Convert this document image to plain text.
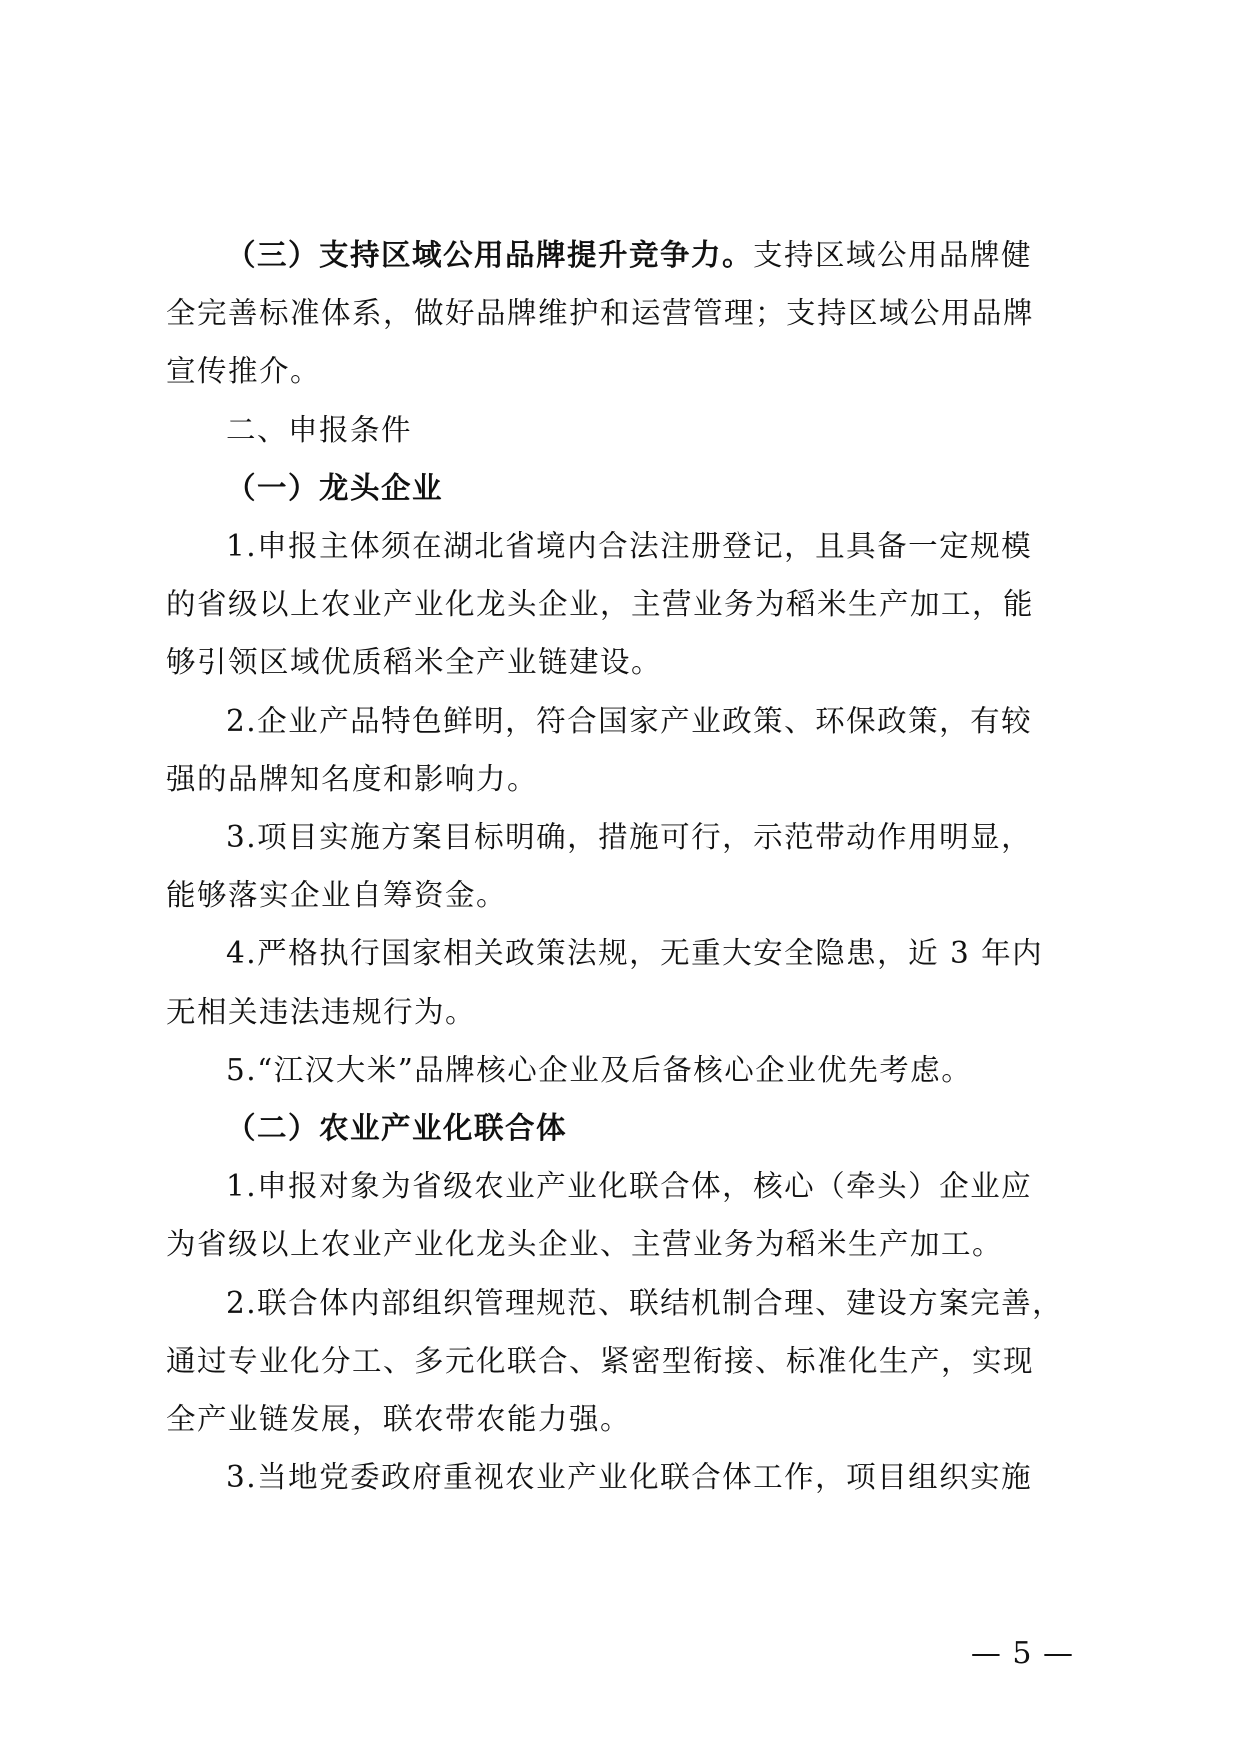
（三）支持区域公用品牌提升竞争力。支持区域公用品牌健
全完善标准体系，做好品牌维护和运营管理；支持区域公用品牌
宣传推介。

二、申报条件

（一）龙头企业

1.申报主体须在湖北省境内合法注册登记，且具备一定规模
的省级以上农业产业化龙头企业，主营业务为稻米生产加工，能
够引领区域优质稻米全产业链建设。

2.企业产品特色鲜明，符合国家产业政策、环保政策，有较
强的品牌知名度和影响力。

3.项目实施方案目标明确，措施可行，示范带动作用明显，
能够落实企业自筹资金。

4.严格执行国家相关政策法规，无重大安全隐患，近 3 年内
无相关违法违规行为。

5.“江汉大米”品牌核心企业及后备核心企业优先考虑。

（二）农业产业化联合体

1.申报对象为省级农业产业化联合体，核心（牵头）企业应
为省级以上农业产业化龙头企业、主营业务为稻米生产加工。

2.联合体内部组织管理规范、联结机制合理、建设方案完善，
通过专业化分工、多元化联合、紧密型衔接、标准化生产，实现
全产业链发展，联农带农能力强。

3.当地党委政府重视农业产业化联合体工作，项目组织实施

— 5 —
